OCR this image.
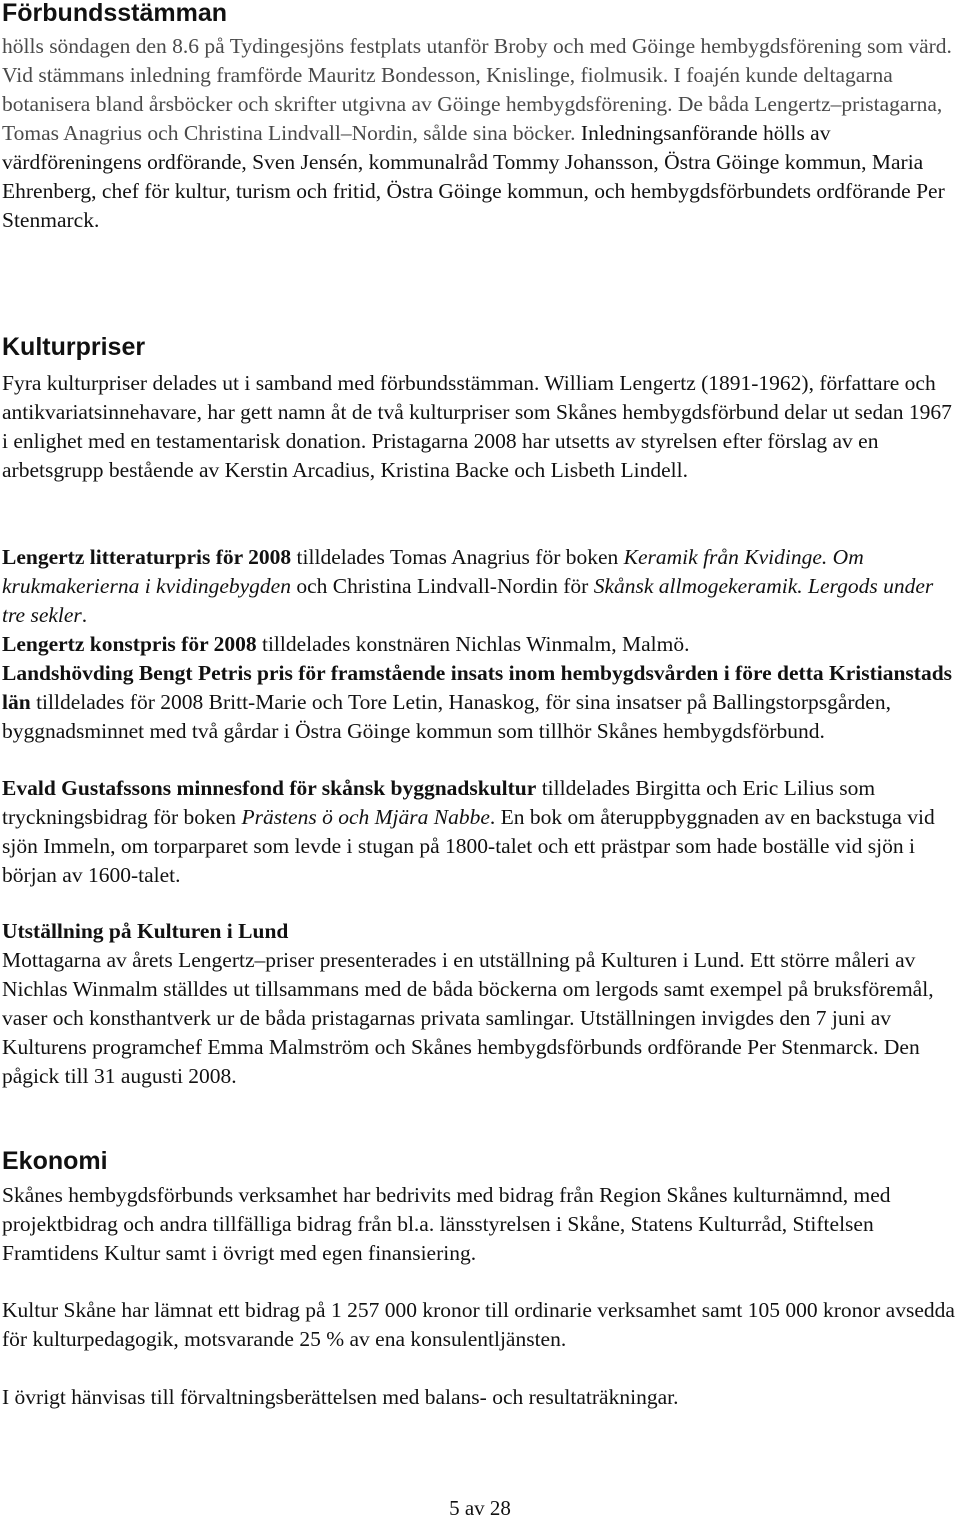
Förbundsstämman

hölls söndagen den 8.6 på Tydingesjöns festplats utanför Broby och med Göinge hembygdsförening som värd. Vid stämmans inledning framförde Mauritz Bondesson, Knislinge, fiolmusik. I foajén kunde deltagarna botanisera bland årsböcker och skrifter utgivna av Göinge hembygdsförening. De båda Lengertz–pristagarna, Tomas Anagrius och Christina Lindvall–Nordin, sålde sina böcker. Inledningsanförande hölls av värdföreningens ordförande, Sven Jensén, kommunalråd Tommy Johansson, Östra Göinge kommun, Maria Ehrenberg, chef för kultur, turism och fritid, Östra Göinge kommun, och hembygdsförbundets ordförande Per Stenmarck.

Kulturpriser

Fyra kulturpriser delades ut i samband med förbundsstämman. William Lengertz (1891-1962), författare och antikvariatsinnehavare, har gett namn åt de två kulturpriser som Skånes hembygdsförbund delar ut sedan 1967 i enlighet med en testamentarisk donation. Pristagarna 2008 har utsetts av styrelsen efter förslag av en arbetsgrupp bestående av Kerstin Arcadius, Kristina Backe och Lisbeth Lindell.

Lengertz litteraturpris för 2008 tilldelades Tomas Anagrius för boken Keramik från Kvidinge. Om krukmakerierna i kvidingebygden och Christina Lindvall-Nordin för Skånsk allmogekeramik. Lergods under tre sekler.

Lengertz konstpris för 2008 tilldelades konstnären Nichlas Winmalm, Malmö.

Landshövding Bengt Petris pris för framstående insats inom hembygdsvården i före detta Kristianstads län tilldelades för 2008 Britt-Marie och Tore Letin, Hanaskog, för sina insatser på Ballingstorpsgården, byggnadsminnet med två gårdar i Östra Göinge kommun som tillhör Skånes hembygdsförbund.

Evald Gustafssons minnesfond för skånsk byggnadskultur tilldelades Birgitta och Eric Lilius som tryckningsbidrag för boken Prästens ö och Mjära Nabbe. En bok om återuppbyggnaden av en backstuga vid sjön Immeln, om torparparet som levde i stugan på 1800-talet och ett prästpar som hade boställe vid sjön i början av 1600-talet.

Utställning på Kulturen i Lund

Mottagarna av årets Lengertz–priser presenterades i en utställning på Kulturen i Lund. Ett större måleri av Nichlas Winmalm ställdes ut tillsammans med de båda böckerna om lergods samt exempel på bruksföremål, vaser och konsthantverk ur de båda pristagarnas privata samlingar. Utställningen invigdes den 7 juni av Kulturens programchef Emma Malmström och Skånes hembygdsförbunds ordförande Per Stenmarck. Den pågick till 31 augusti 2008.

Ekonomi

Skånes hembygdsförbunds verksamhet har bedrivits med bidrag från Region Skånes kulturnämnd, med projektbidrag och andra tillfälliga bidrag från bl.a. länsstyrelsen i Skåne, Statens Kulturråd, Stiftelsen Framtidens Kultur samt i övrigt med egen finansiering.

Kultur Skåne har lämnat ett bidrag på 1 257 000 kronor till ordinarie verksamhet samt 105 000 kronor avsedda för kulturpedagogik, motsvarande 25 % av ena konsulentljänsten.

I övrigt hänvisas till förvaltningsberättelsen med balans- och resultaträkningar.

5 av 28
